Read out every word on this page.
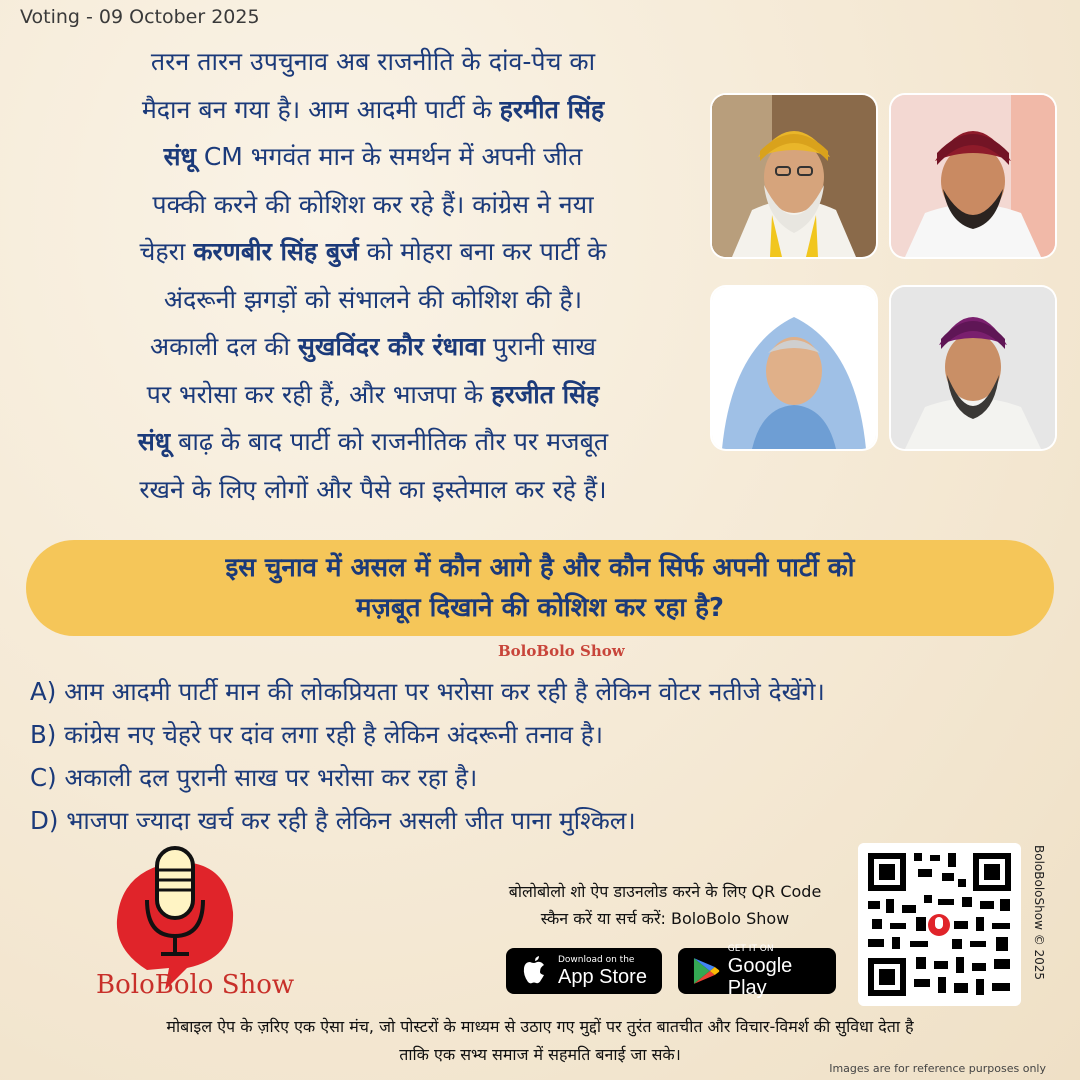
Voting - 09 October 2025
तरन तारन उपचुनाव अब राजनीति के दांव-पेच का
मैदान बन गया है। आम आदमी पार्टी के हरमीत सिंह
संधू CM भगवंत मान के समर्थन में अपनी जीत
पक्की करने की कोशिश कर रहे हैं। कांग्रेस ने नया
चेहरा करणबीर सिंह बुर्ज को मोहरा बना कर पार्टी के
अंदरूनी झगड़ों को संभालने की कोशिश की है।
अकाली दल की सुखविंदर कौर रंधावा पुरानी साख
पर भरोसा कर रही हैं, और भाजपा के हरजीत सिंह
संधू बाढ़ के बाद पार्टी को राजनीतिक तौर पर मजबूत
रखने के लिए लोगों और पैसे का इस्तेमाल कर रहे हैं।
इस चुनाव में असल में कौन आगे है और कौन सिर्फ अपनी पार्टी को
मज़बूत दिखाने की कोशिश कर रहा है?
BoloBolo Show
A) आम आदमी पार्टी मान की लोकप्रियता पर भरोसा कर रही है लेकिन वोटर नतीजे देखेंगे।
B) कांग्रेस नए चेहरे पर दांव लगा रही है लेकिन अंदरूनी तनाव है।
C) अकाली दल पुरानी साख पर भरोसा कर रहा है।
D) भाजपा ज्यादा खर्च कर रही है लेकिन असली जीत पाना मुश्किल।
BoloBolo Show
बोलोबोलो शो ऐप डाउनलोड करने के लिए QR Code
स्कैन करें या सर्च करें: BoloBolo Show
Download on the
App Store
GET IT ON
Google Play
BoloBoloShow © 2025
मोबाइल ऐप के ज़रिए एक ऐसा मंच, जो पोस्टरों के माध्यम से उठाए गए मुद्दों पर तुरंत बातचीत और विचार-विमर्श की सुविधा देता है
ताकि एक सभ्य समाज में सहमति बनाई जा सके।
Images are for reference purposes only
